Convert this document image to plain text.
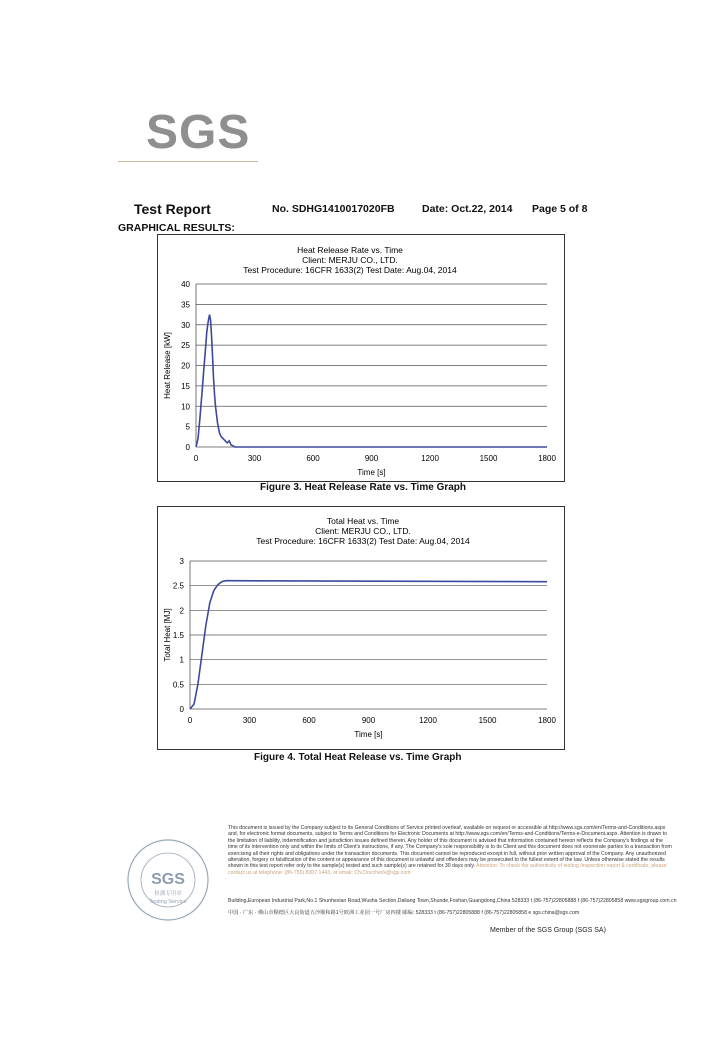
SGS
Test Report	No. SDHG1410017020FB	Date: Oct.22, 2014 Page 5 of 8
GRAPHICAL RESULTS:
Heat Release Rate vs. Time
Client: MERJU CO., LTD.
Test Procedure: 16CFR 1633(2) Test Date: Aug.04, 2014
0
5
10
15
20
25
30
35
40
0	300	600	900	1200	1500	1800
Time [s]
Heat Release [kW]
Figure 3. Heat Release Rate vs. Time Graph
Total Heat vs. Time
Client: MERJU CO., LTD.
Test Procedure: 16CFR 1633(2) Test Date: Aug.04, 2014
0
0.5
1
1.5
2
2.5
3
0	300	600	900	1200	1500	1800
Time [s]
Total Heat [MJ]
Figure 4. Total Heat Release vs. Time Graph
SGS
检测专用章
Testing Service
This document is issued by the Company subject to its General Conditions of Service printed overleaf, available on request or accessible at http://www.sgs.com/en/Terms-and-Conditions.aspx and, for electronic format documents, subject to Terms and Conditions for Electronic Documents at http://www.sgs.com/en/Terms-and-Conditions/Terms-e-Document.aspx. Attention is drawn to the limitation of liability, indemnification and jurisdiction issues defined therein. Any holder of this document is advised that information contained hereon reflects the Company's findings at the time of its intervention only and within the limits of Client's instructions, if any. The Company's sole responsibility is to its Client and this document does not exonerate parties to a transaction from exercising all their rights and obligations under the transaction documents. This document cannot be reproduced except in full, without prior written approval of the Company. Any unauthorized alteration, forgery or falsification of the content or appearance of this document is unlawful and offenders may be prosecuted to the fullest extent of the law. Unless otherwise stated the results shown in this test report refer only to the sample(s) tested and such sample(s) are retained for 30 days only. Attention: To check the authenticity of testing /inspection report & certificate, please contact us at telephone: (86-755) 8307 1443, or email: CN.Doccheck@sgs.com
Building,European Industrial Park,No.1 Shunhexian Road,Wusha Section,Daliang Town,Shunde,Foshan,Guangdong,China 528333 t (86-757)22805888 f (86-757)22805858 www.sgsgroup.com.cn
中国 · 广东 · 佛山市顺德区大良街道五沙顺和路1号欧洲工业园一号厂房四楼 邮编: 528333 t (86-757)22805888 f (86-757)22805858 e sgs.china@sgs.com
Member of the SGS Group (SGS SA)
